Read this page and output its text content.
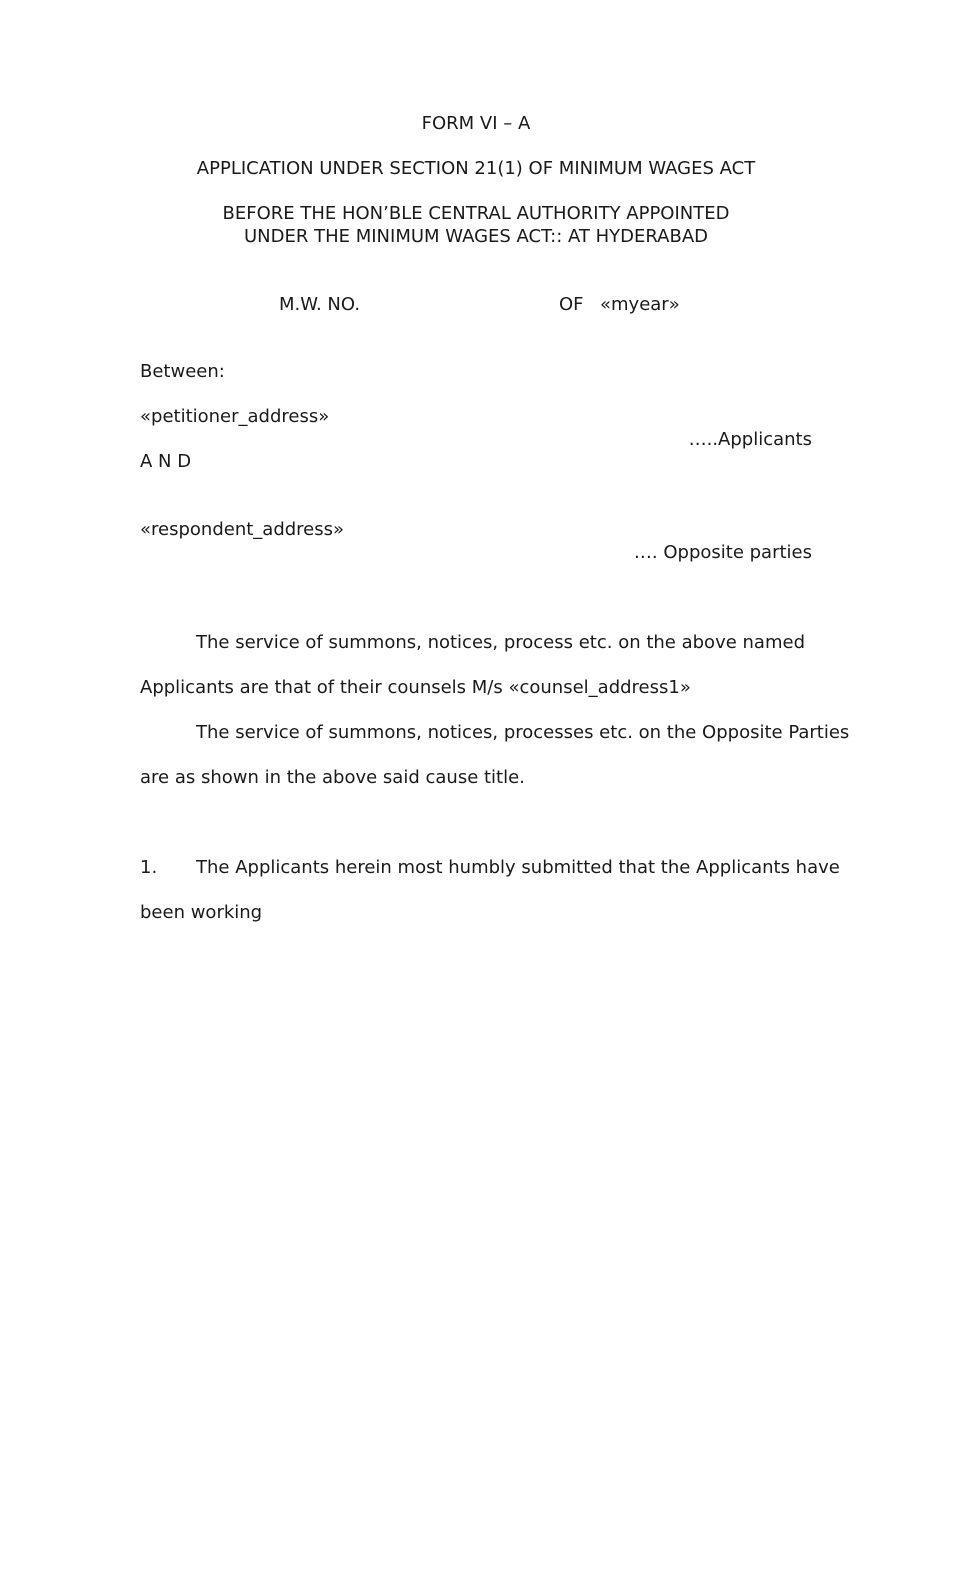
FORM VI – A
APPLICATION UNDER SECTION 21(1) OF MINIMUM WAGES ACT
BEFORE THE HON’BLE CENTRAL AUTHORITY APPOINTED
UNDER THE MINIMUM WAGES ACT:: AT HYDERABAD
M.W. NO.	OF «myear»
Between:
«petitioner_address»
…..Applicants
A N D
«respondent_address»
…. Opposite parties
The service of summons, notices, process etc. on the above named
Applicants are that of their counsels M/s «counsel_address1»
The service of summons, notices, processes etc. on the Opposite Parties
are as shown in the above said cause title.
1. The Applicants herein most humbly submitted that the Applicants have
been working
